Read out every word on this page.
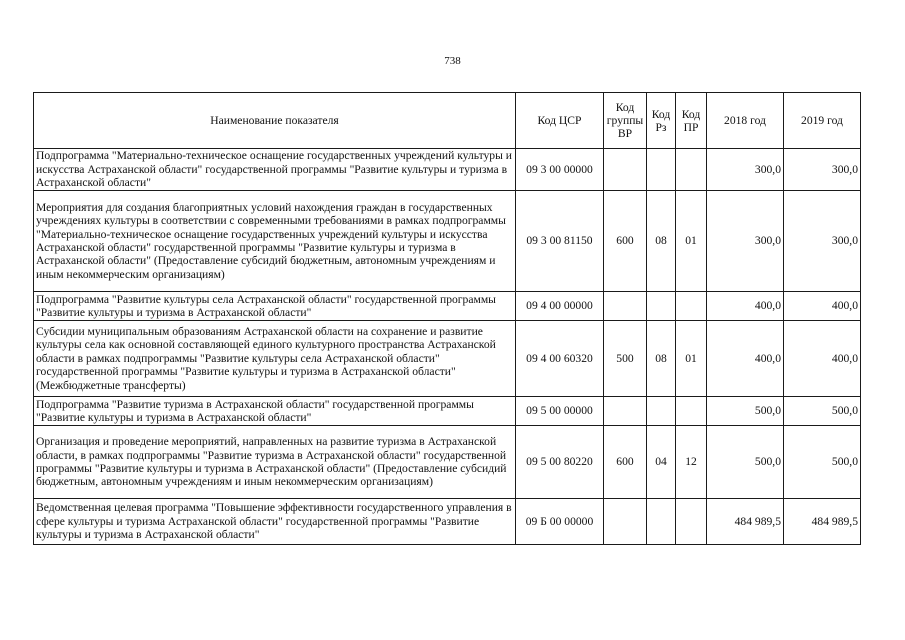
738
Наименование показателя	Код ЦСР	Код группы ВР	Код Рз	Код ПР	2018 год	2019 год
Подпрограмма "Материально-техническое оснащение государственных учреждений культуры и искусства Астраханской области" государственной программы "Развитие культуры и туризма в Астраханской области"	09 3 00 00000				300,0	300,0
Мероприятия для создания благоприятных условий нахождения граждан в государственных учреждениях культуры в соответствии с современными требованиями в рамках подпрограммы "Материально-техническое оснащение государственных учреждений культуры и искусства Астраханской области" государственной программы "Развитие культуры и туризма в Астраханской области" (Предоставление субсидий бюджетным, автономным учреждениям и иным некоммерческим организациям)	09 3 00 81150	600	08	01	300,0	300,0
Подпрограмма "Развитие культуры села Астраханской области" государственной программы "Развитие культуры и туризма в Астраханской области"	09 4 00 00000				400,0	400,0
Субсидии муниципальным образованиям Астраханской области на сохранение и развитие культуры села как основной составляющей единого культурного пространства Астраханской области в рамках подпрограммы "Развитие культуры села Астраханской области" государственной программы "Развитие культуры и туризма в Астраханской области" (Межбюджетные трансферты)	09 4 00 60320	500	08	01	400,0	400,0
Подпрограмма "Развитие туризма в Астраханской области" государственной программы "Развитие культуры и туризма в Астраханской области"	09 5 00 00000				500,0	500,0
Организация и проведение мероприятий, направленных на развитие туризма в Астраханской области, в рамках подпрограммы "Развитие туризма в Астраханской области" государственной программы "Развитие культуры и туризма в Астраханской области" (Предоставление субсидий бюджетным, автономным учреждениям и иным некоммерческим организациям)	09 5 00 80220	600	04	12	500,0	500,0
Ведомственная целевая программа "Повышение эффективности государственного управления в сфере культуры и туризма Астраханской области" государственной программы "Развитие культуры и туризма в Астраханской области"	09 Б 00 00000				484 989,5	484 989,5
